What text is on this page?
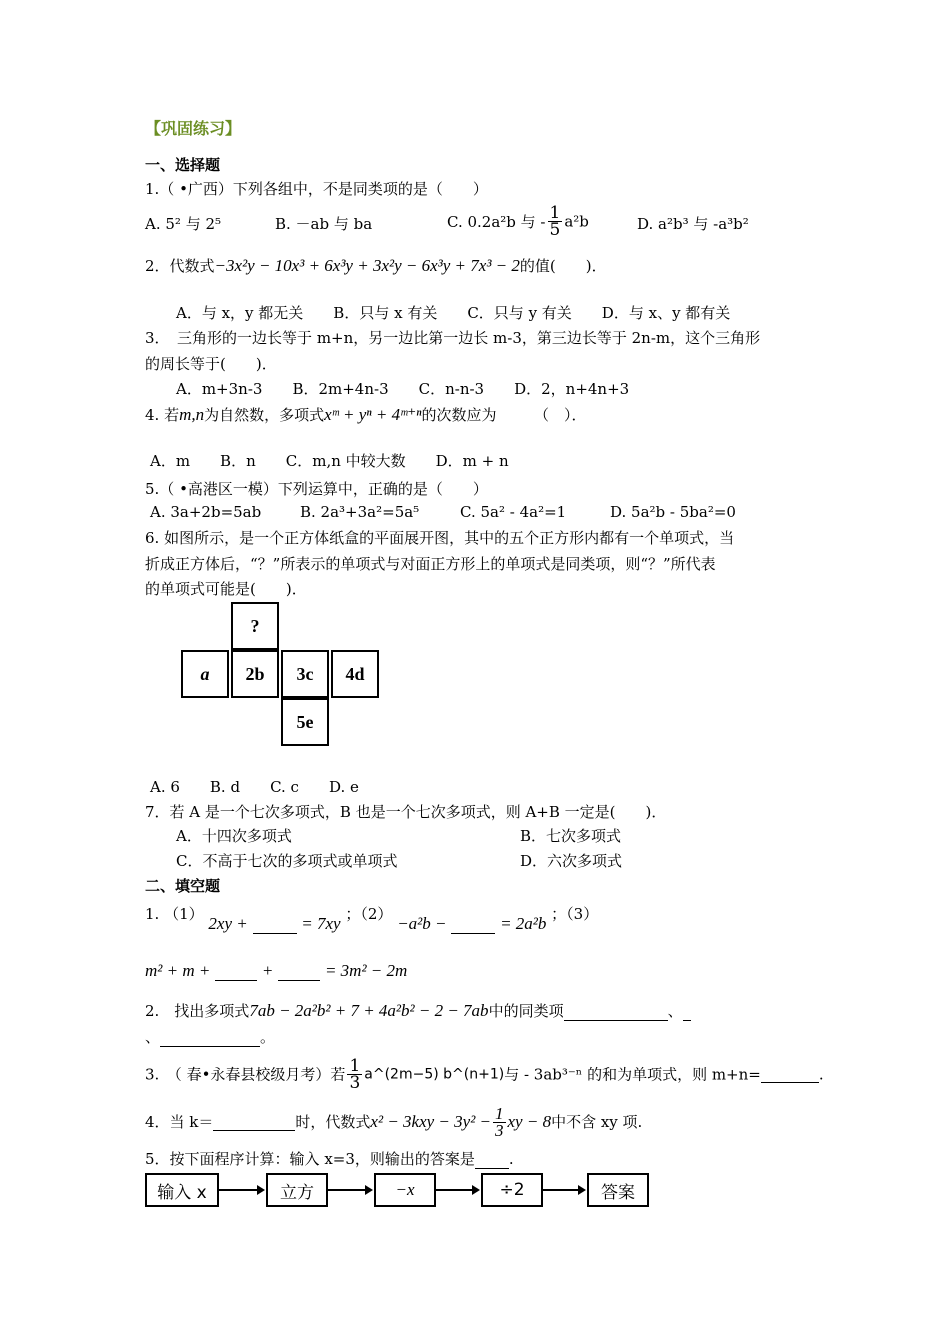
【巩固练习】
一、选择题
1.（ •广西）下列各组中，不是同类项的是（　　）
A. 5² 与 2⁵	B. －ab 与 ba	C. 0.2a²b 与 - $\frac{1}{5} a^2b$	D. a²b³ 与 -a³b²
2．代数式−3x²y − 10x³ + 6x³y + 3x²y − 6x³y + 7x³ − 2的值(　　)．
A．与 x，y 都无关　　B．只与 x 有关　　C．只与 y 有关　　D．与 x、y 都有关
3．　三角形的一边长等于 m+n，另一边比第一边长 m-3，第三边长等于 2n-m，这个三角形
的周长等于(　　)．
A．m+3n-3　　B．2m+4n-3　　C．n-n-3　　D．2，n+4n+3
4. 若m,n为自然数，多项式xᵐ + yⁿ + 4ᵐ⁺ⁿ的次数应为　　　（　）．
A．m　　B．n　　C．m,n 中较大数　　D．m + n
5.（ •高港区一模）下列运算中，正确的是（　　）
A. 3a+2b=5ab	B. 2a³+3a²=5a⁵	C. 5a² - 4a²=1	D. 5a²b - 5ba²=0
6. 如图所示，是一个正方体纸盒的平面展开图，其中的五个正方形内都有一个单项式，当
折成正方体后，“？”所表示的单项式与对面正方形上的单项式是同类项，则“？”所代表
的单项式可能是(　　)．
?
a	2b	3c	4d
5e
A. 6　　B. d　　C. c　　D. e
7．若 A 是一个七次多项式，B 也是一个七次多项式，则 A+B 一定是(　　)．
A．十四次多项式	B．七次多项式
C．不高于七次的多项式或单项式	D．六次多项式
二、填空题
1. （1） 2xy +	= 7xy ；（2） −a²b −	= 2a²b ；（3）
m² + m +	+	= 3m² − 2m
2.　找出多项式7ab − 2a²b² + 7 + 4a²b² − 2 − 7ab中的同类项	、
、	。
3.　（ 春•永春县校级月考）若 $\frac{1}{3}$ a^(2m−5) b^(n+1)与 - 3ab³⁻ⁿ 的和为单项式，则 m+n=	.
4．当 k＝	时，代数式$x^2 - 3kxy - 3y^2 - \frac{1}{3}$ xy − 8中不含 xy 项.
5．按下面程序计算：输入 x=3，则输出的答案是 .
输入 x	立方	−x	÷2	答案
